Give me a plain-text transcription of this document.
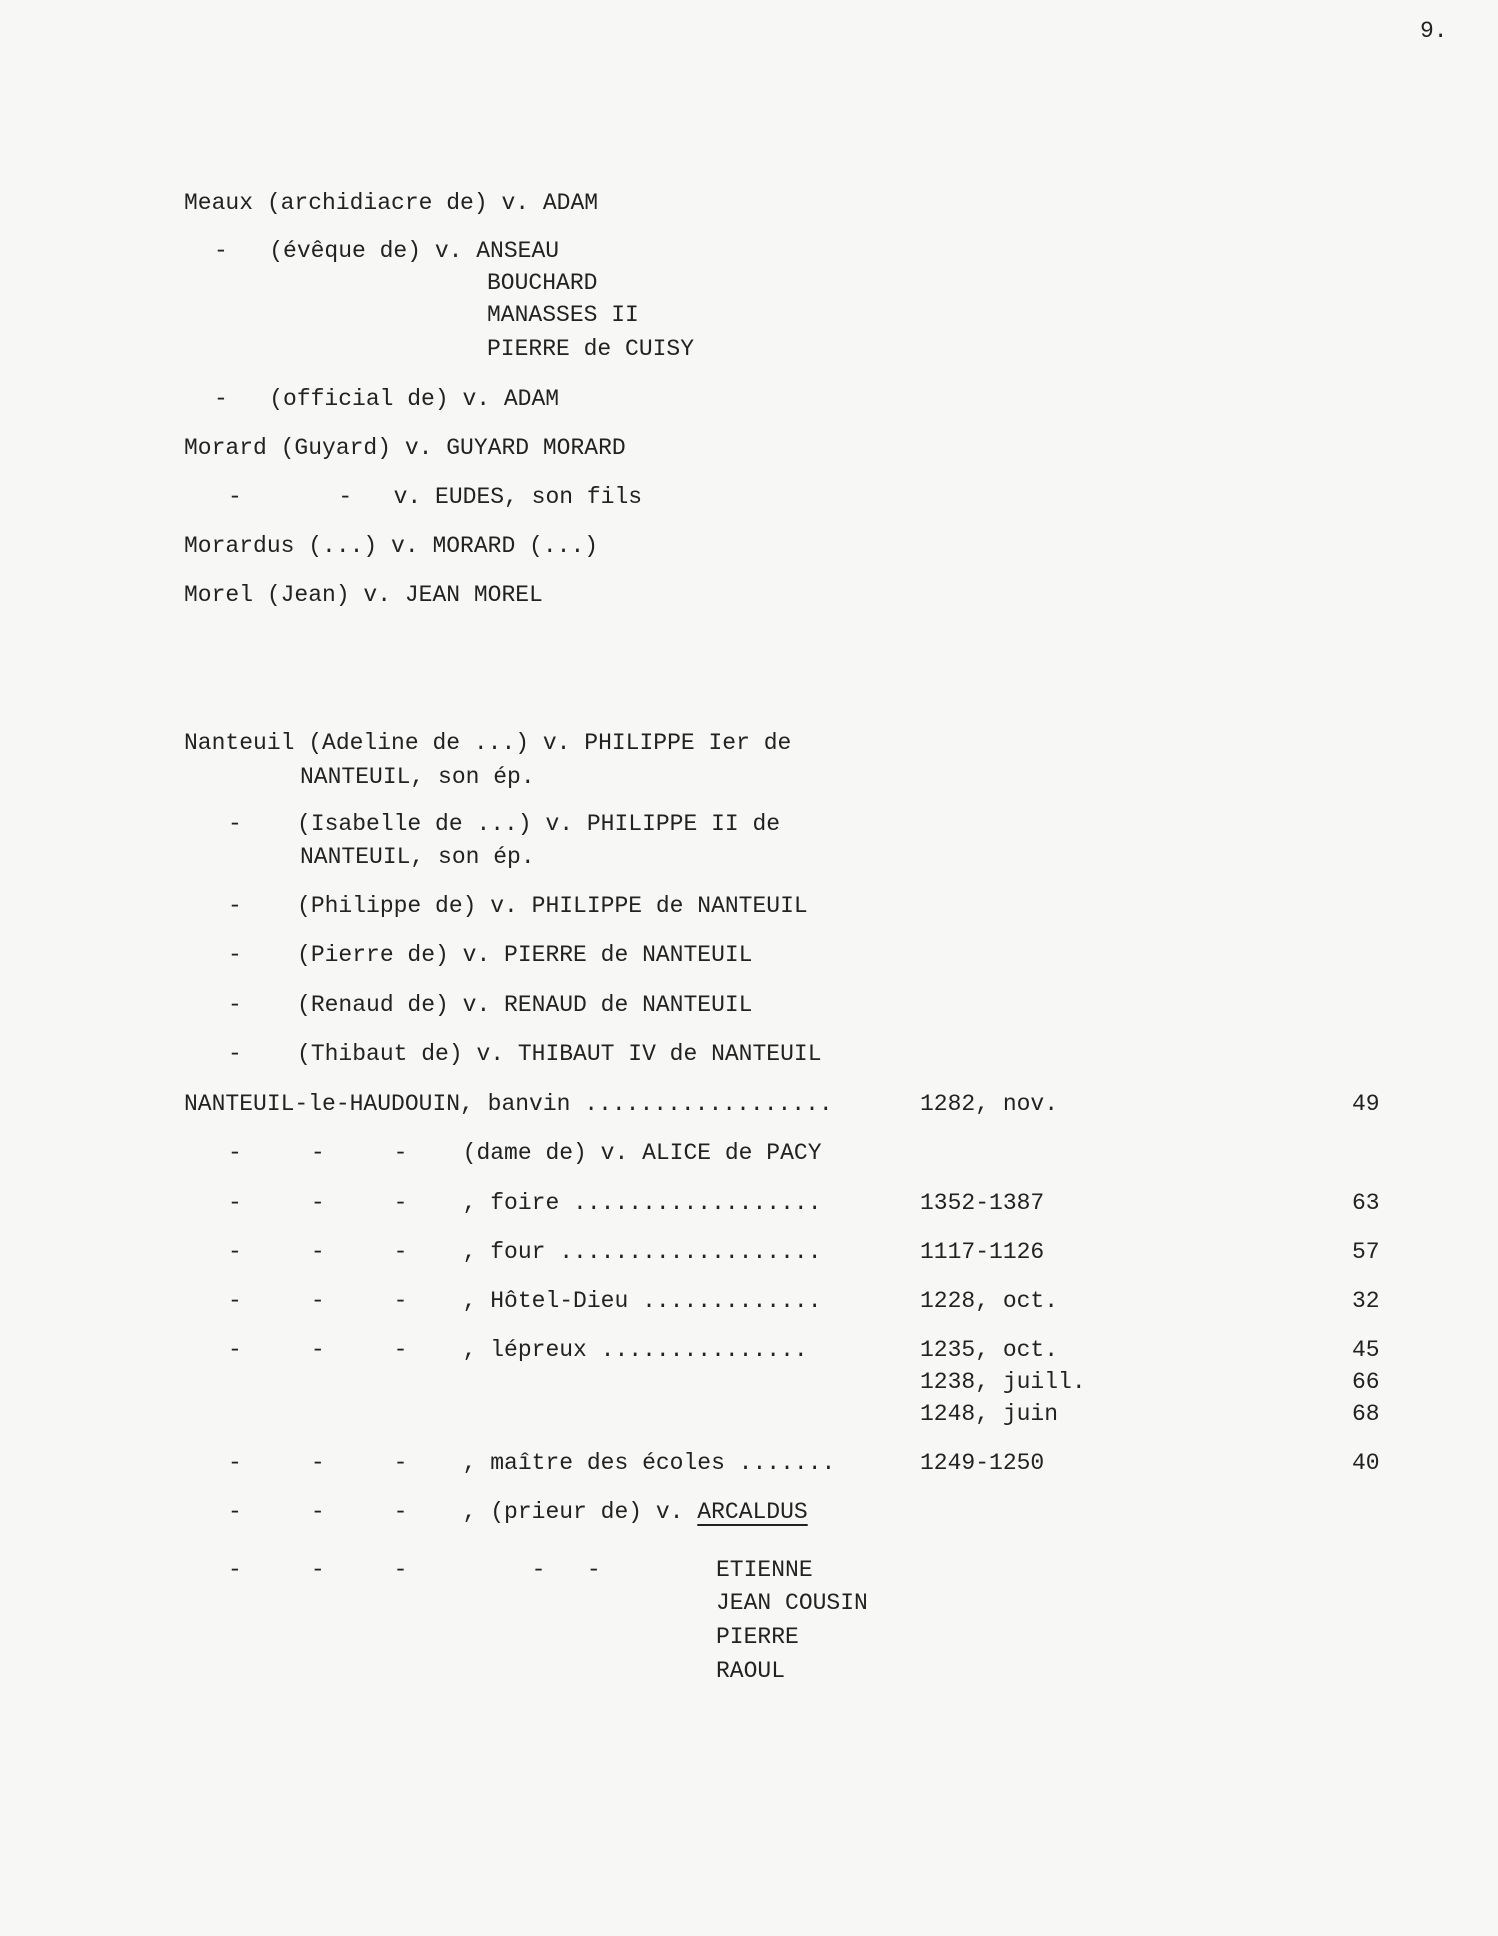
9.
Meaux (archidiacre de) v. ADAM
-   (évêque de) v. ANSEAU
BOUCHARD
MANASSES II
PIERRE de CUISY
-   (official de) v. ADAM
Morard (Guyard) v. GUYARD MORARD
-       -   v. EUDES, son fils
Morardus (...) v. MORARD (...)
Morel (Jean) v. JEAN MOREL
Nanteuil (Adeline de ...) v. PHILIPPE Ier de
NANTEUIL, son ép.
-    (Isabelle de ...) v. PHILIPPE II de
NANTEUIL, son ép.
-    (Philippe de) v. PHILIPPE de NANTEUIL
-    (Pierre de) v. PIERRE de NANTEUIL
-    (Renaud de) v. RENAUD de NANTEUIL
-    (Thibaut de) v. THIBAUT IV de NANTEUIL
NANTEUIL-le-HAUDOUIN, banvin ..................	1282, nov.	49
-     -     -    (dame de) v. ALICE de PACY
-     -     -    , foire ..................	1352-1387	63
-     -     -    , four ...................	1117-1126	57
-     -     -    , Hôtel-Dieu .............	1228, oct.	32
-     -     -    , lépreux ...............	1235, oct.	45
1238, juill.	66
1248, juin	68
-     -     -    , maître des écoles .......	1249-1250	40
-     -     -    , (prieur de) v. ARCALDUS
-     -     -         -   -	ETIENNE
JEAN COUSIN
PIERRE
RAOUL
